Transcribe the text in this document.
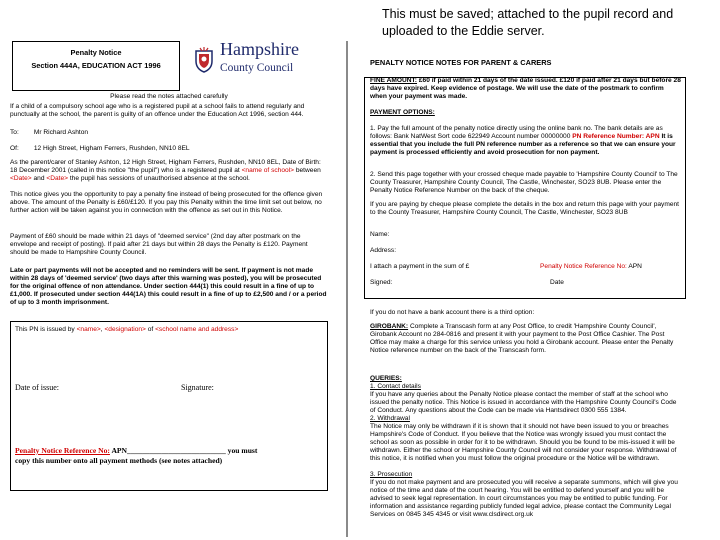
This must be saved; attached to the pupil record and uploaded to the Eddie server.
Penalty Notice
Section 444A, EDUCATION ACT 1996
Hampshire
County Council
Please read the notes attached carefully
If a child of a compulsory school age who is a registered pupil at a school fails to attend regularly and punctually at the school, the parent is guilty of an offence under the Education Act 1996, section 444.
To: Mr Richard Ashton
Of: 12 High Street, Higham Ferrers, Rushden, NN10 8EL
As the parent/carer of Stanley Ashton, 12 High Street, Higham Ferrers, Rushden, NN10 8EL, Date of Birth: 18 December 2001 (called in this notice "the pupil") who is a registered pupil at <name of school> between <Date> and <Date> the pupil has sessions of unauthorised absence at the school.
This notice gives you the opportunity to pay a penalty fine instead of being prosecuted for the offence given above. The amount of the Penalty is £60/£120. If you pay this Penalty within the time limit set out below, no further action will be taken against you in connection with the offence as set out in this Notice.
Payment of £60 should be made within 21 days of "deemed service" (2nd day after postmark on the envelope and receipt of posting). If paid after 21 days but within 28 days the Penalty is £120. Payment should be made to Hampshire County Council.
Late or part payments will not be accepted and no reminders will be sent. If payment is not made within 28 days of 'deemed service' (two days after this warning was posted), you will be prosecuted for the original offence of non attendance. Under section 444(1) this could result in a fine of up to £1,000. If prosecuted under section 444(1A) this could result in a fine of up to £2,500 and / or a period of up to 3 month imprisonment.
This PN is issued by <name>, <designation> of <school name and address>
Date of issue:	Signature:
Penalty Notice Reference No: APN__________________________ you must
copy this number onto all payment methods (see notes attached)
PENALTY NOTICE NOTES FOR PARENT & CARERS
FINE AMOUNT: £60 if paid within 21 days of the date issued. £120 if paid after 21 days but before 28 days have expired. Keep evidence of postage. We will use the date of the postmark to confirm when your payment was made.
PAYMENT OPTIONS:
1. Pay the full amount of the penalty notice directly using the online bank no. The bank details are as follows: Bank NatWest Sort code 622949 Account number 00000000 PN Reference Number: APN It is essential that you include the full PN reference number as a reference so that we can ensure your payment is processed efficiently and avoid prosecution for non payment.
2. Send this page together with your crossed cheque made payable to 'Hampshire County Council' to The County Treasurer, Hampshire County Council, The Castle, Winchester, SO23 8UB. Please enter the Penalty Notice Reference Number on the back of the cheque.
If you are paying by cheque please complete the details in the box and return this page with your payment to the County Treasurer, Hampshire County Council, The Castle, Winchester, SO23 8UB
Name:
Address:
I attach a payment in the sum of £	Penalty Notice Reference No: APN
Signed:	Date
If you do not have a bank account there is a third option:
GIROBANK: Complete a Transcash form at any Post Office, to credit 'Hampshire County Council', Girobank Account no 284-0816 and present it with your payment to the Post Office Cashier. The Post Office may make a charge for this service unless you hold a Girobank account. Please enter the Penalty Notice reference number on the back of the Transcash form.
QUERIES:
1. Contact details
If you have any queries about the Penalty Notice please contact the member of staff at the school who issued the penalty notice. This Notice is issued in accordance with the Hampshire County Council's Code of Conduct. Any questions about the Code can be made via Hantsdirect 0300 555 1384.
2. Withdrawal
The Notice may only be withdrawn if it is shown that it should not have been issued to you or breaches Hampshire's Code of Conduct. If you believe that the Notice was wrongly issued you must contact the school as soon as possible in order for it to be withdrawn. Should you be found to be mis-issued it will be withdrawn. Either the school or Hampshire County Council will not consider your response. Withdrawal of this notice, it is notified when you must follow the original procedure or the Notice will be withdrawn.
3. Prosecution
If you do not make payment and are prosecuted you will receive a separate summons, which will give you notice of the time and date of the court hearing. You will be entitled to defend yourself and you will be advised to seek legal representation. In court circumstances you may be entitled to public funding. For information and assistance regarding publicly funded legal advice, please contact the Community Legal Services on 0845 345 4345 or visit www.clsdirect.org.uk
